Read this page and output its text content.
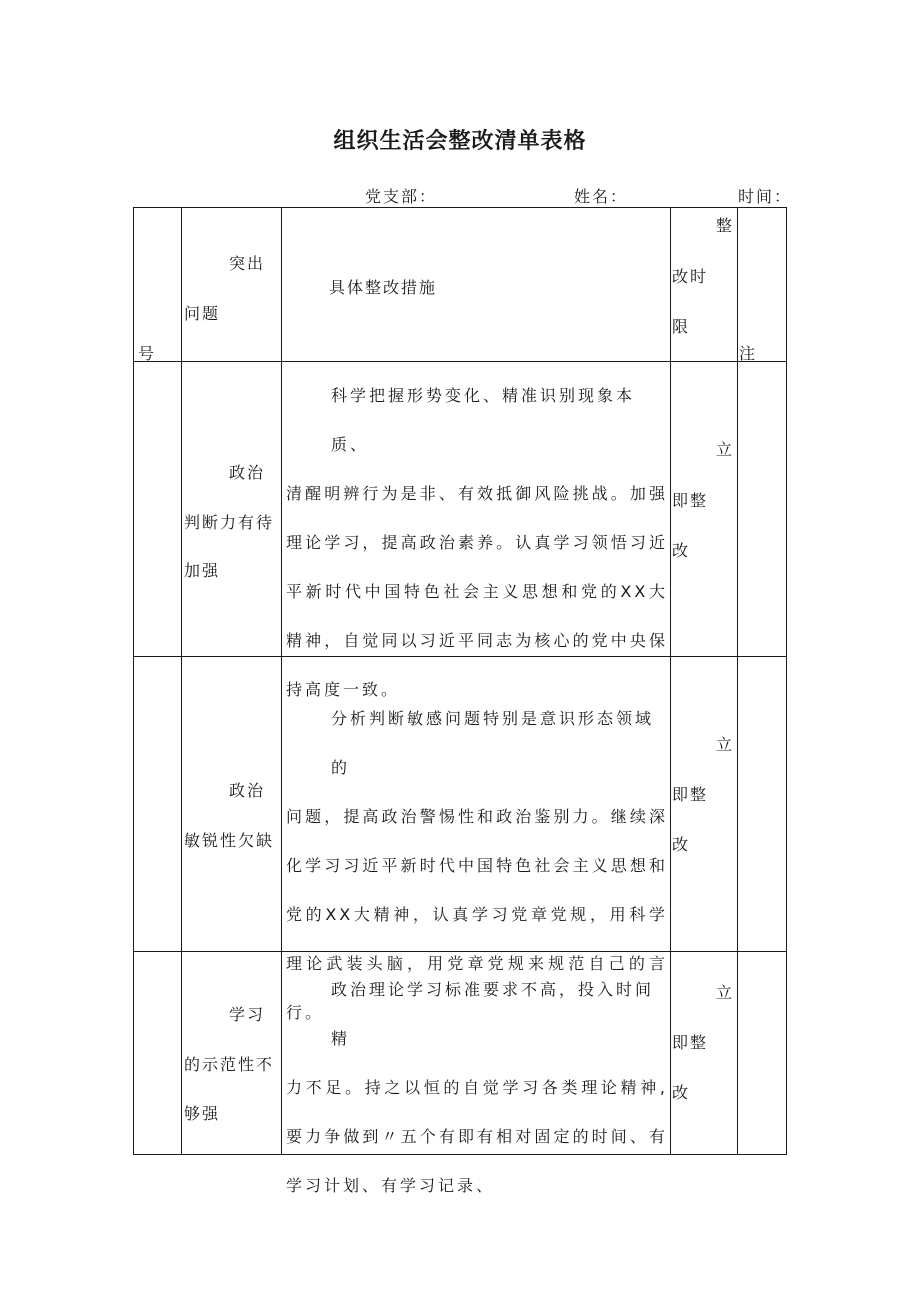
组织生活会整改清单表格
党支部：	姓名：	时间：
号
突出
问题
具体整改措施
整
改时
限
注
政治
判断力有待
加强
科学把握形势变化、精准识别现象本质、
清醒明辨行为是非、有效抵御风险挑战。加强理论学习，提高政治素养。认真学习领悟习近平新时代中国特色社会主义思想和党的XX大精神，自觉同以习近平同志为核心的党中央保持高度一致。
立
即整
改
政治
敏锐性欠缺
分析判断敏感问题特别是意识形态领域的
问题，提高政治警惕性和政治鉴别力。继续深化学习习近平新时代中国特色社会主义思想和党的XX大精神，认真学习党章党规，用科学理论武装头脑，用党章党规来规范自己的言行。
立
即整
改
学习
的示范性不
够强
政治理论学习标准要求不高，投入时间精
力不足。持之以恒的自觉学习各类理论精神,要力争做到〃五个有即有相对固定的时间、有学习计划、有学习记录、
立
即整
改
